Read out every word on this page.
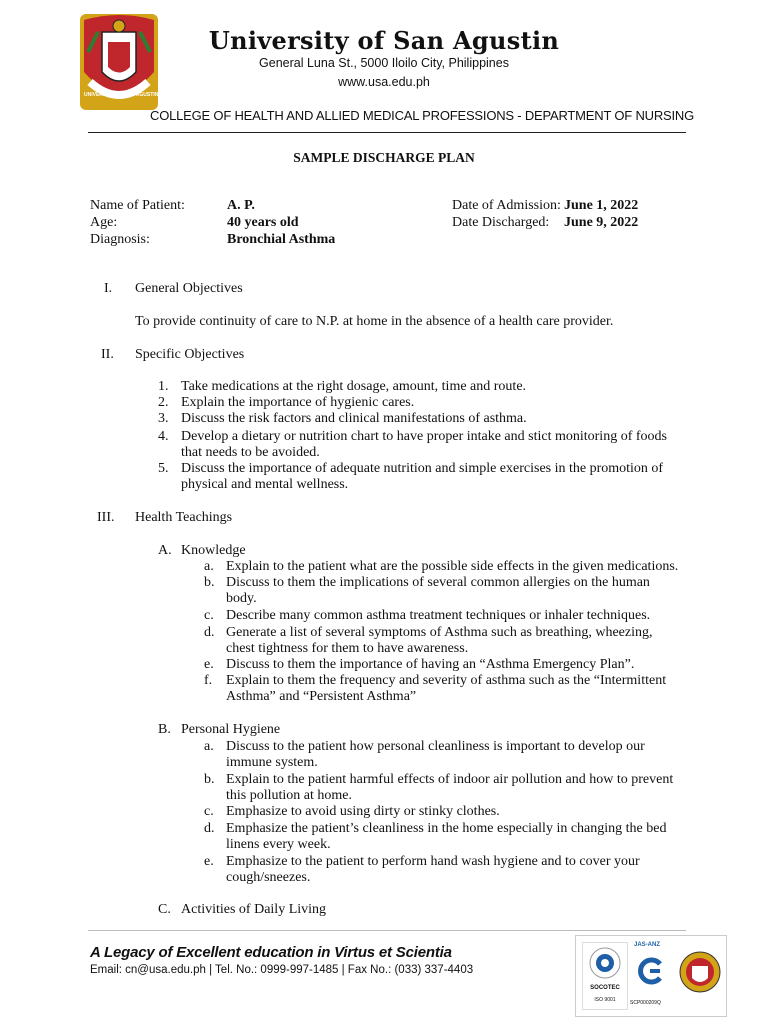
UNIVERSITY SAN AGUSTIN
University of San Agustin
General Luna St., 5000 Iloilo City, Philippines
www.usa.edu.ph
COLLEGE OF HEALTH AND ALLIED MEDICAL PROFESSIONS - DEPARTMENT OF NURSING
SAMPLE DISCHARGE PLAN
Name of Patient:	A. P.
Age:	40 years old
Diagnosis:	Bronchial Asthma
Date of Admission: June 1, 2022
Date Discharged: June 9, 2022
I. General Objectives
To provide continuity of care to N.P. at home in the absence of a health care provider.
II. Specific Objectives
1. Take medications at the right dosage, amount, time and route.
2. Explain the importance of hygienic cares.
3. Discuss the risk factors and clinical manifestations of asthma.
4. Develop a dietary or nutrition chart to have proper intake and stict monitoring of foods
that needs to be avoided.
5. Discuss the importance of adequate nutrition and simple exercises in the promotion of
physical and mental wellness.
III. Health Teachings
A. Knowledge
a. Explain to the patient what are the possible side effects in the given medications.
b. Discuss to them the implications of several common allergies on the human
body.
c. Describe many common asthma treatment techniques or inhaler techniques.
d. Generate a list of several symptoms of Asthma such as breathing, wheezing,
chest tightness for them to have awareness.
e. Discuss to them the importance of having an “Asthma Emergency Plan”.
f. Explain to them the frequency and severity of asthma such as the “Intermittent
Asthma” and “Persistent Asthma”
B. Personal Hygiene
a. Discuss to the patient how personal cleanliness is important to develop our
immune system.
b. Explain to the patient harmful effects of indoor air pollution and how to prevent
this pollution at home.
c. Emphasize to avoid using dirty or stinky clothes.
d. Emphasize the patient’s cleanliness in the home especially in changing the bed
linens every week.
e. Emphasize to the patient to perform hand wash hygiene and to cover your
cough/sneezes.
C. Activities of Daily Living
A Legacy of Excellent education in Virtus et Scientia
Email: cn@usa.edu.ph | Tel. No.: 0999-997-1485 | Fax No.: (033) 337-4403
SOCOTEC
ISO 9001
JAS-ANZ
SCP000209Q
